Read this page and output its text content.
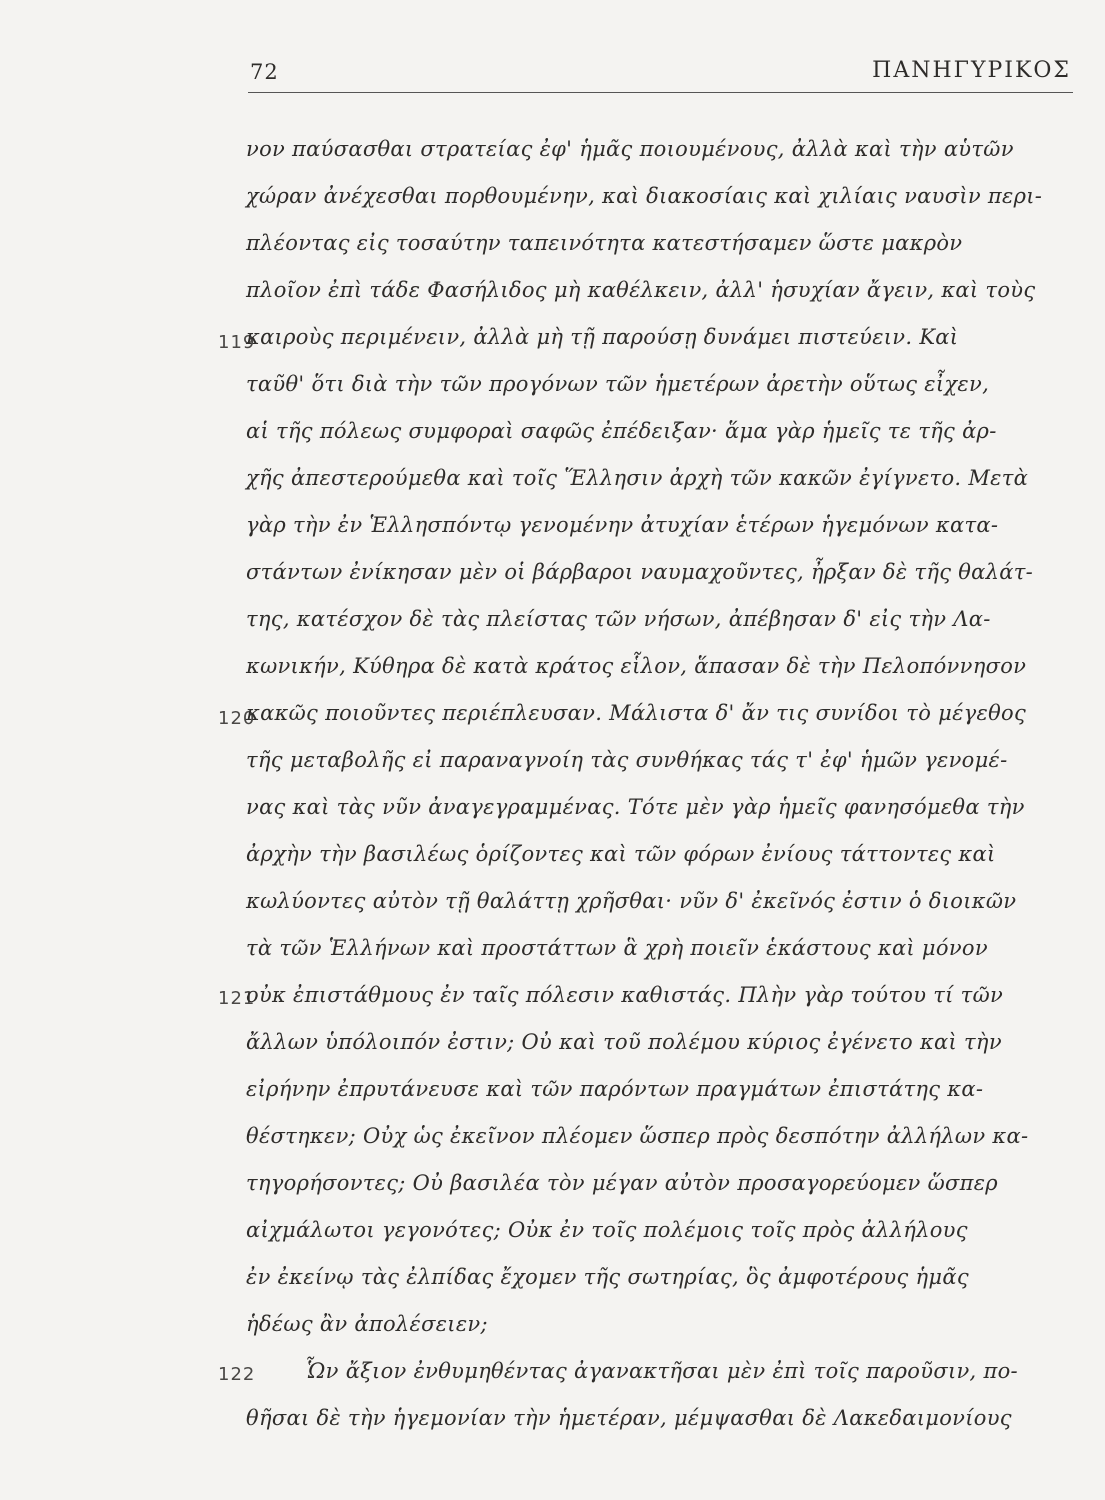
72	ΠΑΝΗΓΥΡΙΚΟΣ
119
120
121
122
νον παύσασθαι στρατείας ἐφ' ἡμᾶς ποιουμένους, ἀλλὰ καὶ τὴν αὑτῶν
χώραν ἀνέχεσθαι πορθουμένην, καὶ διακοσίαις καὶ χιλίαις ναυσὶν περι-
πλέοντας εἰς τοσαύτην ταπεινότητα κατεστήσαμεν ὥστε μακρὸν
πλοῖον ἐπὶ τάδε Φασήλιδος μὴ καθέλκειν, ἀλλ' ἡσυχίαν ἄγειν, καὶ τοὺς
καιροὺς περιμένειν, ἀλλὰ μὴ τῇ παρούσῃ δυνάμει πιστεύειν. Καὶ
ταῦθ' ὅτι διὰ τὴν τῶν προγόνων τῶν ἡμετέρων ἀρετὴν οὕτως εἶχεν,
αἱ τῆς πόλεως συμφοραὶ σαφῶς ἐπέδειξαν· ἅμα γὰρ ἡμεῖς τε τῆς ἀρ-
χῆς ἀπεστερούμεθα καὶ τοῖς Ἕλλησιν ἀρχὴ τῶν κακῶν ἐγίγνετο. Μετὰ
γὰρ τὴν ἐν Ἑλλησπόντῳ γενομένην ἀτυχίαν ἑτέρων ἡγεμόνων κατα-
στάντων ἐνίκησαν μὲν οἱ βάρβαροι ναυμαχοῦντες, ἦρξαν δὲ τῆς θαλάτ-
της, κατέσχον δὲ τὰς πλείστας τῶν νήσων, ἀπέβησαν δ' εἰς τὴν Λα-
κωνικήν, Κύθηρα δὲ κατὰ κράτος εἷλον, ἅπασαν δὲ τὴν Πελοπόννησον
κακῶς ποιοῦντες περιέπλευσαν. Μάλιστα δ' ἄν τις συνίδοι τὸ μέγεθος
τῆς μεταβολῆς εἰ παραναγνοίη τὰς συνθήκας τάς τ' ἐφ' ἡμῶν γενομέ-
νας καὶ τὰς νῦν ἀναγεγραμμένας. Τότε μὲν γὰρ ἡμεῖς φανησόμεθα τὴν
ἀρχὴν τὴν βασιλέως ὁρίζοντες καὶ τῶν φόρων ἐνίους τάττοντες καὶ
κωλύοντες αὐτὸν τῇ θαλάττῃ χρῆσθαι· νῦν δ' ἐκεῖνός ἐστιν ὁ διοικῶν
τὰ τῶν Ἑλλήνων καὶ προστάττων ἃ χρὴ ποιεῖν ἑκάστους καὶ μόνον
οὐκ ἐπιστάθμους ἐν ταῖς πόλεσιν καθιστάς. Πλὴν γὰρ τούτου τί τῶν
ἄλλων ὑπόλοιπόν ἐστιν; Οὐ καὶ τοῦ πολέμου κύριος ἐγένετο καὶ τὴν
εἰρήνην ἐπρυτάνευσε καὶ τῶν παρόντων πραγμάτων ἐπιστάτης κα-
θέστηκεν; Οὐχ ὡς ἐκεῖνον πλέομεν ὥσπερ πρὸς δεσπότην ἀλλήλων κα-
τηγορήσοντες; Οὐ βασιλέα τὸν μέγαν αὐτὸν προσαγορεύομεν ὥσπερ
αἰχμάλωτοι γεγονότες; Οὐκ ἐν τοῖς πολέμοις τοῖς πρὸς ἀλλήλους
ἐν ἐκείνῳ τὰς ἐλπίδας ἔχομεν τῆς σωτηρίας, ὃς ἀμφοτέρους ἡμᾶς
ἡδέως ἂν ἀπολέσειεν;
Ὧν ἄξιον ἐνθυμηθέντας ἀγανακτῆσαι μὲν ἐπὶ τοῖς παροῦσιν, πο-
θῆσαι δὲ τὴν ἡγεμονίαν τὴν ἡμετέραν, μέμψασθαι δὲ Λακεδαιμονίους
